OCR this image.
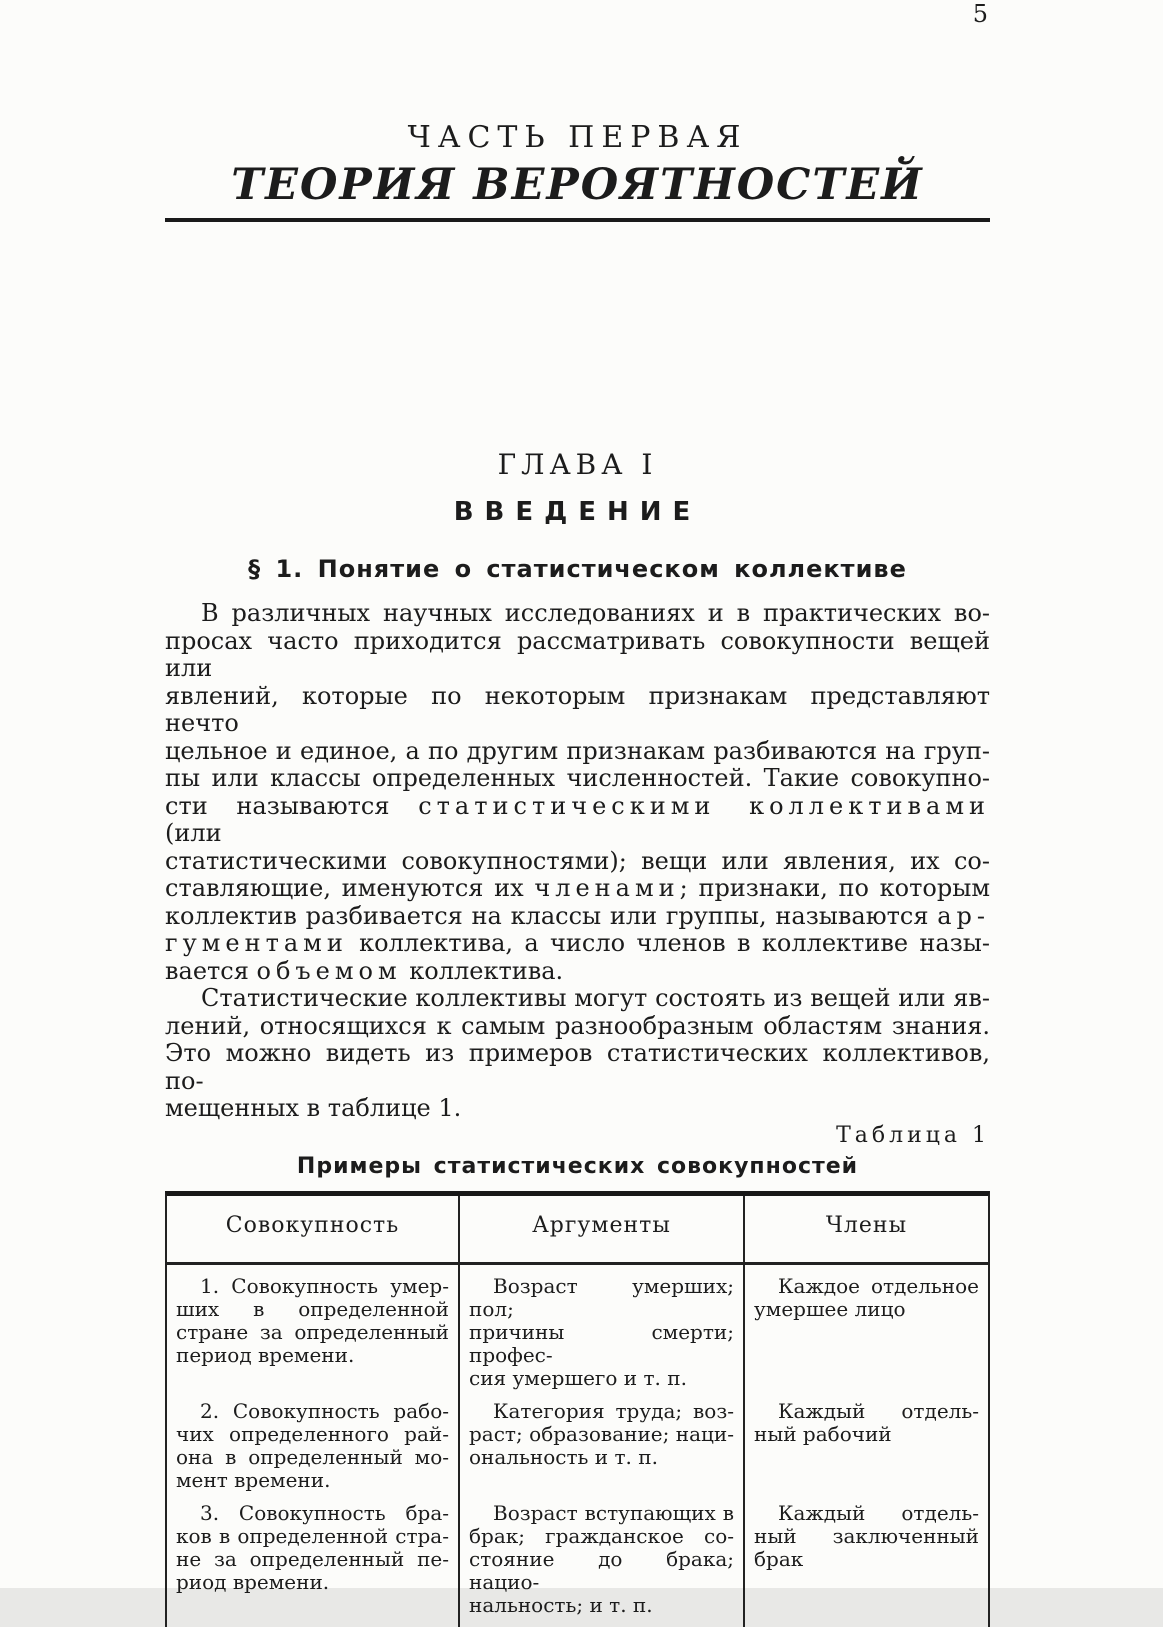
ЧАСТЬ ПЕРВАЯ
ТЕОРИЯ ВЕРОЯТНОСТЕЙ
ГЛАВА I
ВВЕДЕНИЕ
§ 1. Понятие о статистическом коллективе
В различных научных исследованиях и в практических во-
просах часто приходится рассматривать совокупности вещей или
явлений, которые по некоторым признакам представляют нечто
цельное и единое, а по другим признакам разбиваются на груп-
пы или классы определенных численностей. Такие совокупно-
сти называются статистическими коллективами (или
статистическими совокупностями); вещи или явления, их со-
ставляющие, именуются их членами; признаки, по которым
коллектив разбивается на классы или группы, называются ар-
гументами коллектива, а число членов в коллективе назы-
вается объемом коллектива.
Статистические коллективы могут состоять из вещей или яв-
лений, относящихся к самым разнообразным областям знания.
Это можно видеть из примеров статистических коллективов, по-
мещенных в таблице 1.
Таблица 1
Примеры статистических совокупностей
Совокупность	Аргументы	Члены
1. Совокупность умер-
ших в определенной
стране за определенный
период времени.
Возраст умерших; пол;
причины смерти; профес-
сия умершего и т. п.
Каждое отдельное
умершее лицо
2. Совокупность рабо-
чих определенного рай-
она в определенный мо-
мент времени.
Категория труда; воз-
раст; образование; наци-
ональность и т. п.
Каждый отдель-
ный рабочий
3. Совокупность бра-
ков в определенной стра-
не за определенный пе-
риод времени.
Возраст вступающих в
брак; гражданское со-
стояние до брака; нацио-
нальность; и т. п.
Каждый отдель-
ный заключенный
брак
5
